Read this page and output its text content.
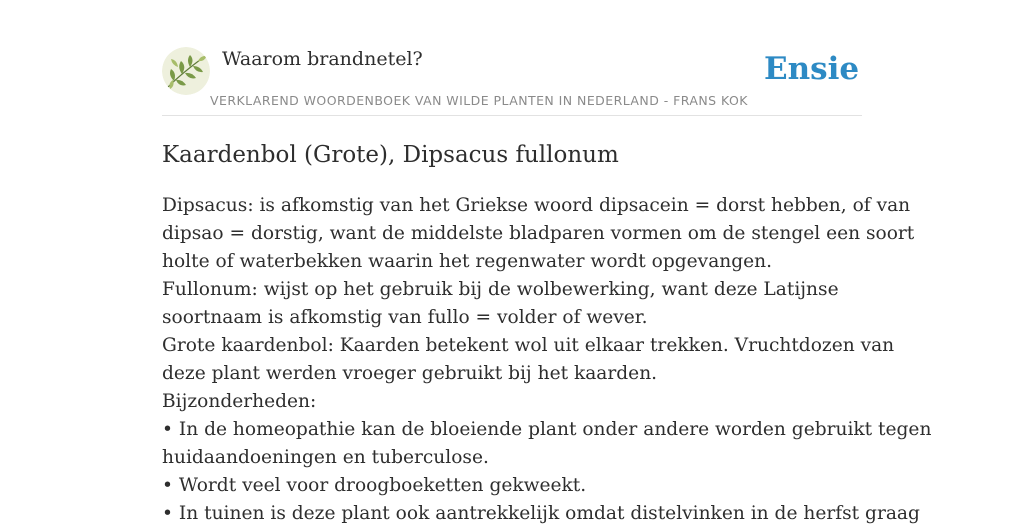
Waarom brandnetel?
VERKLAREND WOORDENBOEK VAN WILDE PLANTEN IN NEDERLAND - FRANS KOK
Ensie
Kaardenbol (Grote), Dipsacus fullonum
Dipsacus: is afkomstig van het Griekse woord dipsacein = dorst hebben, of van
dipsao = dorstig, want de middelste bladparen vormen om de stengel een soort
holte of waterbekken waarin het regenwater wordt opgevangen.
Fullonum: wijst op het gebruik bij de wolbewerking, want deze Latijnse
soortnaam is afkomstig van fullo = volder of wever.
Grote kaardenbol: Kaarden betekent wol uit elkaar trekken. Vruchtdozen van
deze plant werden vroeger gebruikt bij het kaarden.
Bijzonderheden:
• In de homeopathie kan de bloeiende plant onder andere worden gebruikt tegen
huidaandoeningen en tuberculose.
• Wordt veel voor droogboeketten gekweekt.
• In tuinen is deze plant ook aantrekkelijk omdat distelvinken in de herfst graag
